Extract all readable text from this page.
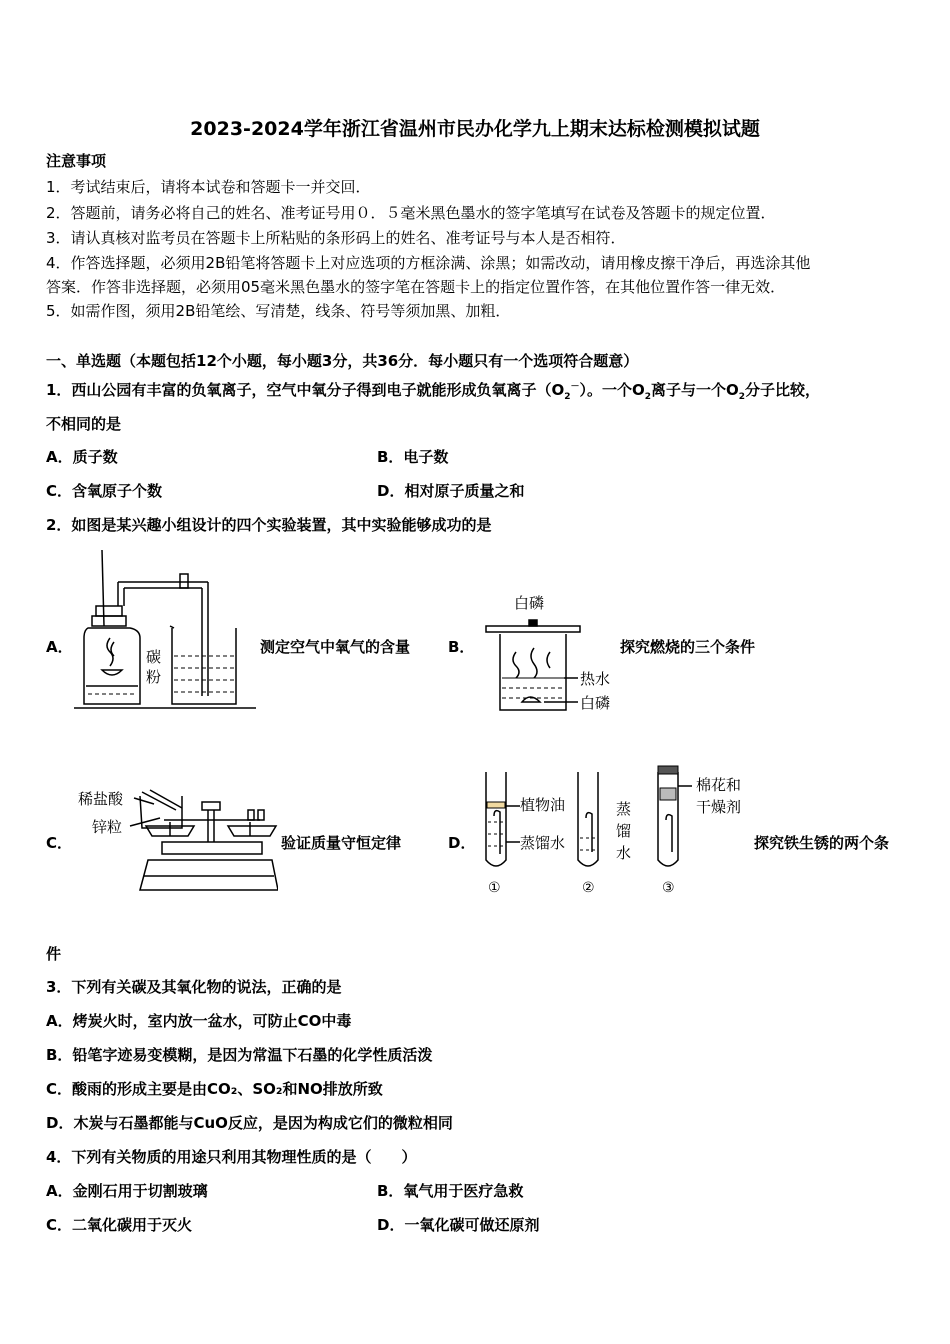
2023-2024学年浙江省温州市民办化学九上期末达标检测模拟试题
注意事项
1．考试结束后，请将本试卷和答题卡一并交回．
2．答题前，请务必将自己的姓名、准考证号用０．５毫米黑色墨水的签字笔填写在试卷及答题卡的规定位置．
3．请认真核对监考员在答题卡上所粘贴的条形码上的姓名、准考证号与本人是否相符．
4．作答选择题，必须用2B铅笔将答题卡上对应选项的方框涂满、涂黑；如需改动，请用橡皮擦干净后，再选涂其他
答案．作答非选择题，必须用05毫米黑色墨水的签字笔在答题卡上的指定位置作答，在其他位置作答一律无效．
5．如需作图，须用2B铅笔绘、写清楚，线条、符号等须加黑、加粗．
一、单选题（本题包括12个小题，每小题3分，共36分．每小题只有一个选项符合题意）
1．西山公园有丰富的负氧离子，空气中氧分子得到电子就能形成负氧离子$(O_2^-)$。一个$O_2$离子与一个$O_2$分子比较，
不相同的是
A．质子数	B．电子数
C．含氧原子个数	D．相对原子质量之和
2．如图是某兴趣小组设计的四个实验装置，其中实验能够成功的是
A．
碳
粉
测定空气中氧气的含量	B．
白磷
热水
白磷
探究燃烧的三个条件
C．
稀盐酸
锌粒
验证质量守恒定律	D．
植物油
蒸馏水
蒸
馏
水
棉花和
干燥剂
①	②	③
探究铁生锈的两个条
件
3．下列有关碳及其氧化物的说法，正确的是
A．烤炭火时，室内放一盆水，可防止CO中毒
B．铅笔字迹易变模糊，是因为常温下石墨的化学性质活泼
C．酸雨的形成主要是由CO₂、SO₂和NO排放所致
D．木炭与石墨都能与CuO反应，是因为构成它们的微粒相同
4．下列有关物质的用途只利用其物理性质的是（　　）
A．金刚石用于切割玻璃	B．氧气用于医疗急救
C．二氧化碳用于灭火	D．一氧化碳可做还原剂
